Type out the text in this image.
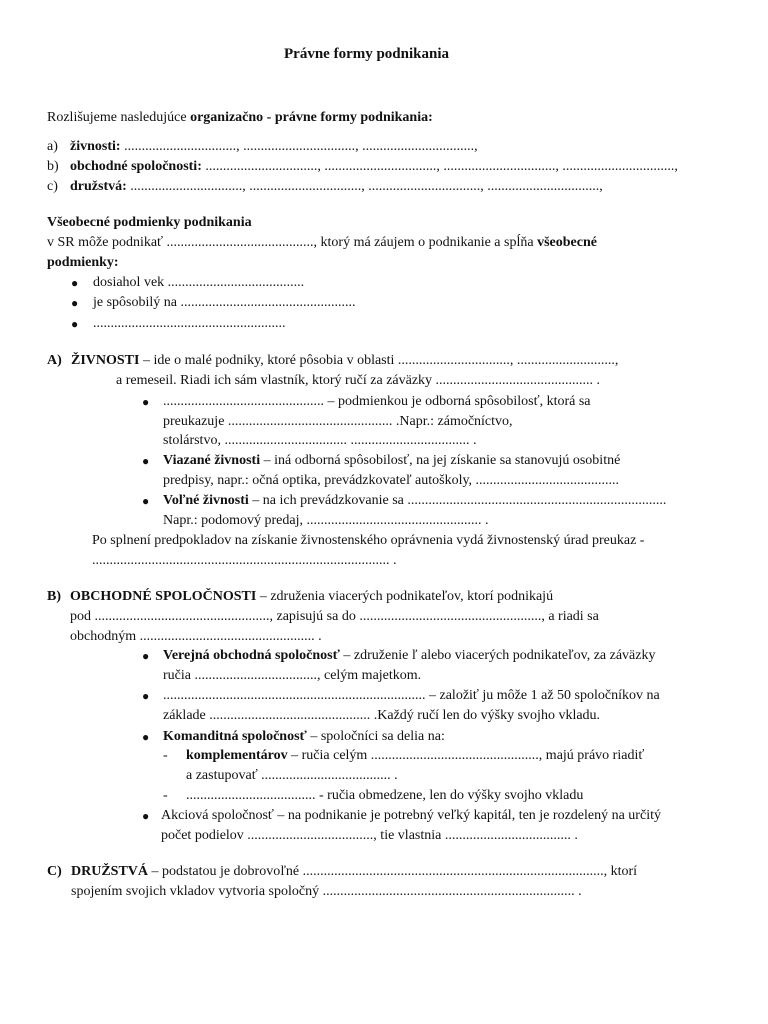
Právne formy podnikania
Rozlišujeme nasledujúce organizačno - právne formy podnikania:
a) živnosti: ................................, ................................, ................................,
b) obchodné spoločnosti: ................................, ................................, ................................, ................................,
c) družstvá: ................................, ................................, ................................, ................................,
Všeobecné podmienky podnikania
v SR môže podnikať .........................................., ktorý má záujem o podnikanie a spĺňa všeobecné
podmienky:
● dosiahol vek .......................................
● je spôsobilý na ..................................................
● .......................................................
A) ŽIVNOSTI – ide o malé podniky, ktoré pôsobia v oblasti ................................, ............................,
a remeseil. Riadi ich sám vlastník, ktorý ručí za záväzky ............................................. .
● .............................................. – podmienkou je odborná spôsobilosť, ktorá sa
preukazuje ............................................... .Napr.: zámočníctvo,
stolárstvo, ................................... .................................. .
● Viazané živnosti – iná odborná spôsobilosť, na jej získanie sa stanovujú osobitné
predpisy, napr.: očná optika, prevádzkovateľ autoškoly, .........................................
● Voľné živnosti – na ich prevádzkovanie sa ..........................................................................
Napr.: podomový predaj, .................................................. .
Po splnení predpokladov na získanie živnostenského oprávnenia vydá živnostenský úrad preukaz -
..................................................................................... .
B) OBCHODNÉ SPOLOČNOSTI – združenia viacerých podnikateľov, ktorí podnikajú
pod .................................................., zapisujú sa do ...................................................., a riadi sa
obchodným .................................................. .
● Verejná obchodná spoločnosť – združenie ľ alebo viacerých podnikateľov, za záväzky
ručia ..................................., celým majetkom.
● ........................................................................... – založiť ju môže 1 až 50 spoločníkov na
základe .............................................. .Každý ručí len do výšky svojho vkladu.
● Komanditná spoločnosť – spoločníci sa delia na:
- komplementárov – ručia celým ................................................, majú právo riadiť
a zastupovať ..................................... .
- ..................................... - ručia obmedzene, len do výšky svojho vkladu
● Akciová spoločnosť – na podnikanie je potrebný veľký kapitál, ten je rozdelený na určitý
počet podielov ...................................., tie vlastnia .................................... .
C) DRUŽSTVÁ – podstatou je dobrovoľné ......................................................................................, ktorí
spojením svojich vkladov vytvoria spoločný ........................................................................ .
